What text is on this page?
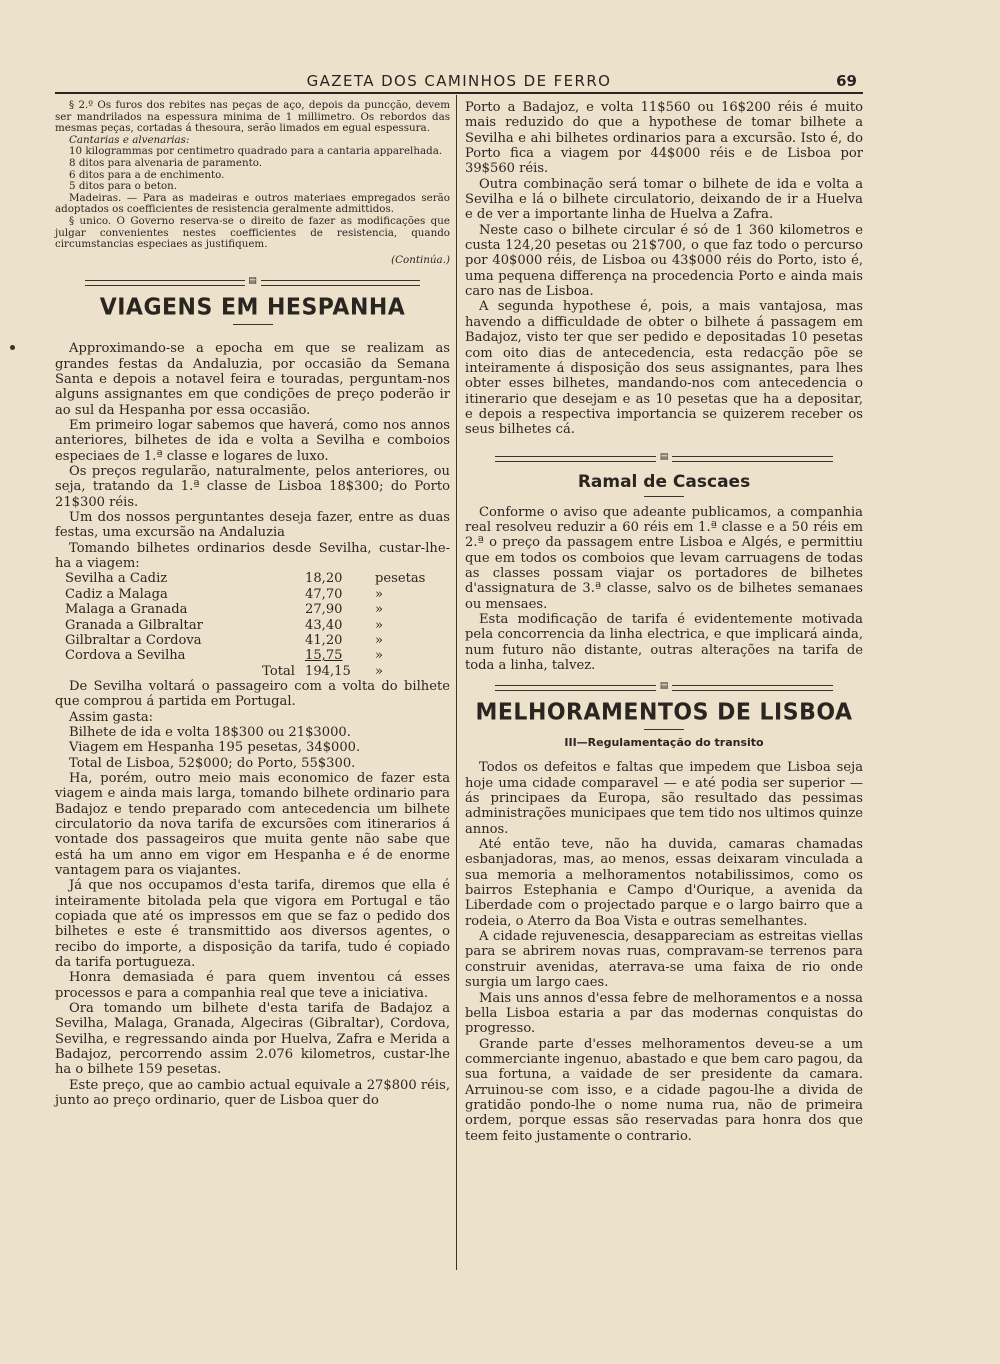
GAZETA DOS CAMINHOS DE FERRO	69

§ 2.º Os furos dos rebites nas peças de aço, depois da puncção, devem ser mandrilados na espessura minima de 1 millimetro. Os rebordos das mesmas peças, cortadas á thesoura, serão limados em egual espessura.

Cantarias e alvenarias:

10 kilogrammas por centimetro quadrado para a cantaria apparelhada.

8 ditos para alvenaria de paramento.

6 ditos para a de enchimento.

5 ditos para o beton.

Madeiras. — Para as madeiras e outros materiaes empregados serão adoptados os coefficientes de resistencia geralmente admittidos.

§ unico. O Governo reserva-se o direito de fazer as modificações que julgar convenientes nestes coefficientes de resistencia, quando circumstancias especiaes as justifiquem.

(Continúa.)

▤
VIAGENS EM HESPANHA

Approximando-se a epocha em que se realizam as grandes festas da Andaluzia, por occasião da Semana Santa e depois a notavel feira e touradas, perguntam-nos alguns assignantes em que condições de preço poderão ir ao sul da Hespanha por essa occasião.

Em primeiro logar sabemos que haverá, como nos annos anteriores, bilhetes de ida e volta a Sevilha e comboios especiaes de 1.ª classe e logares de luxo.

Os preços regularão, naturalmente, pelos anteriores, ou seja, tratando da 1.ª classe de Lisboa 18$300; do Porto 21$300 réis.

Um dos nossos perguntantes deseja fazer, entre as duas festas, uma excursão na Andaluzia

Tomando bilhetes ordinarios desde Sevilha, custar-lhe-ha a viagem:

Sevilha a Cadiz	18,20	pesetas
Cadiz a Malaga	47,70	»
Malaga a Granada	27,90	»
Granada a Gilbraltar	43,40	»
Gilbraltar a Cordova	41,20	»
Cordova a Sevilha	15,75	»
Total	194,15	»

De Sevilha voltará o passageiro com a volta do bilhete que comprou á partida em Portugal.

Assim gasta:

Bilhete de ida e volta 18$300 ou 21$3000.

Viagem em Hespanha 195 pesetas, 34$000.

Total de Lisboa, 52$000; do Porto, 55$300.

Ha, porém, outro meio mais economico de fazer esta viagem e ainda mais larga, tomando bilhete ordinario para Badajoz e tendo preparado com antecedencia um bilhete circulatorio da nova tarifa de excursões com itinerarios á vontade dos passageiros que muita gente não sabe que está ha um anno em vigor em Hespanha e é de enorme vantagem para os viajantes.

Já que nos occupamos d'esta tarifa, diremos que ella é inteiramente bitolada pela que vigora em Portugal e tão copiada que até os impressos em que se faz o pedido dos bilhetes e este é transmittido aos diversos agentes, o recibo do importe, a disposição da tarifa, tudo é copiado da tarifa portugueza.

Honra demasiada é para quem inventou cá esses processos e para a companhia real que teve a iniciativa.

Ora tomando um bilhete d'esta tarifa de Badajoz a Sevilha, Malaga, Granada, Algeciras (Gibraltar), Cordova, Sevilha, e regressando ainda por Huelva, Zafra e Merida a Badajoz, percorrendo assim 2.076 kilometros, custar-lhe ha o bilhete 159 pesetas.

Este preço, que ao cambio actual equivale a 27$800 réis, junto ao preço ordinario, quer de Lisboa quer do

Porto a Badajoz, e volta 11$560 ou 16$200 réis é muito mais reduzido do que a hypothese de tomar bilhete a Sevilha e ahi bilhetes ordinarios para a excursão. Isto é, do Porto fica a viagem por 44$000 réis e de Lisboa por 39$560 réis.

Outra combinação será tomar o bilhete de ida e volta a Sevilha e lá o bilhete circulatorio, deixando de ir a Huelva e de ver a importante linha de Huelva a Zafra.

Neste caso o bilhete circular é só de 1 360 kilometros e custa 124,20 pesetas ou 21$700, o que faz todo o percurso por 40$000 réis, de Lisboa ou 43$000 réis do Porto, isto é, uma pequena differença na procedencia Porto e ainda mais caro nas de Lisboa.

A segunda hypothese é, pois, a mais vantajosa, mas havendo a difficuldade de obter o bilhete á passagem em Badajoz, visto ter que ser pedido e depositadas 10 pesetas com oito dias de antecedencia, esta redacção põe se inteiramente á disposição dos seus assignantes, para lhes obter esses bilhetes, mandando-nos com antecedencia o itinerario que desejam e as 10 pesetas que ha a depositar, e depois a respectiva importancia se quizerem receber os seus bilhetes cá.

▤
Ramal de Cascaes

Conforme o aviso que adeante publicamos, a companhia real resolveu reduzir a 60 réis em 1.ª classe e a 50 réis em 2.ª o preço da passagem entre Lisboa e Algés, e permittiu que em todos os comboios que levam carruagens de todas as classes possam viajar os portadores de bilhetes d'assignatura de 3.ª classe, salvo os de bilhetes semanaes ou mensaes.

Esta modificação de tarifa é evidentemente motivada pela concorrencia da linha electrica, e que implicará ainda, num futuro não distante, outras alterações na tarifa de toda a linha, talvez.

▤
MELHORAMENTOS DE LISBOA
III—Regulamentação do transito

Todos os defeitos e faltas que impedem que Lisboa seja hoje uma cidade comparavel — e até podia ser superior — ás principaes da Europa, são resultado das pessimas administrações municipaes que tem tido nos ultimos quinze annos.

Até então teve, não ha duvida, camaras chamadas esbanjadoras, mas, ao menos, essas deixaram vinculada a sua memoria a melhoramentos notabilissimos, como os bairros Estephania e Campo d'Ourique, a avenida da Liberdade com o projectado parque e o largo bairro que a rodeia, o Aterro da Boa Vista e outras semelhantes.

A cidade rejuvenescia, desappareciam as estreitas viellas para se abrirem novas ruas, compravam-se terrenos para construir avenidas, aterrava-se uma faixa de rio onde surgia um largo caes.

Mais uns annos d'essa febre de melhoramentos e a nossa bella Lisboa estaria a par das modernas conquistas do progresso.

Grande parte d'esses melhoramentos deveu-se a um commerciante ingenuo, abastado e que bem caro pagou, da sua fortuna, a vaidade de ser presidente da camara. Arruinou-se com isso, e a cidade pagou-lhe a divida de gratidão pondo-lhe o nome numa rua, não de primeira ordem, porque essas são reservadas para honra dos que teem feito justamente o contrario.
